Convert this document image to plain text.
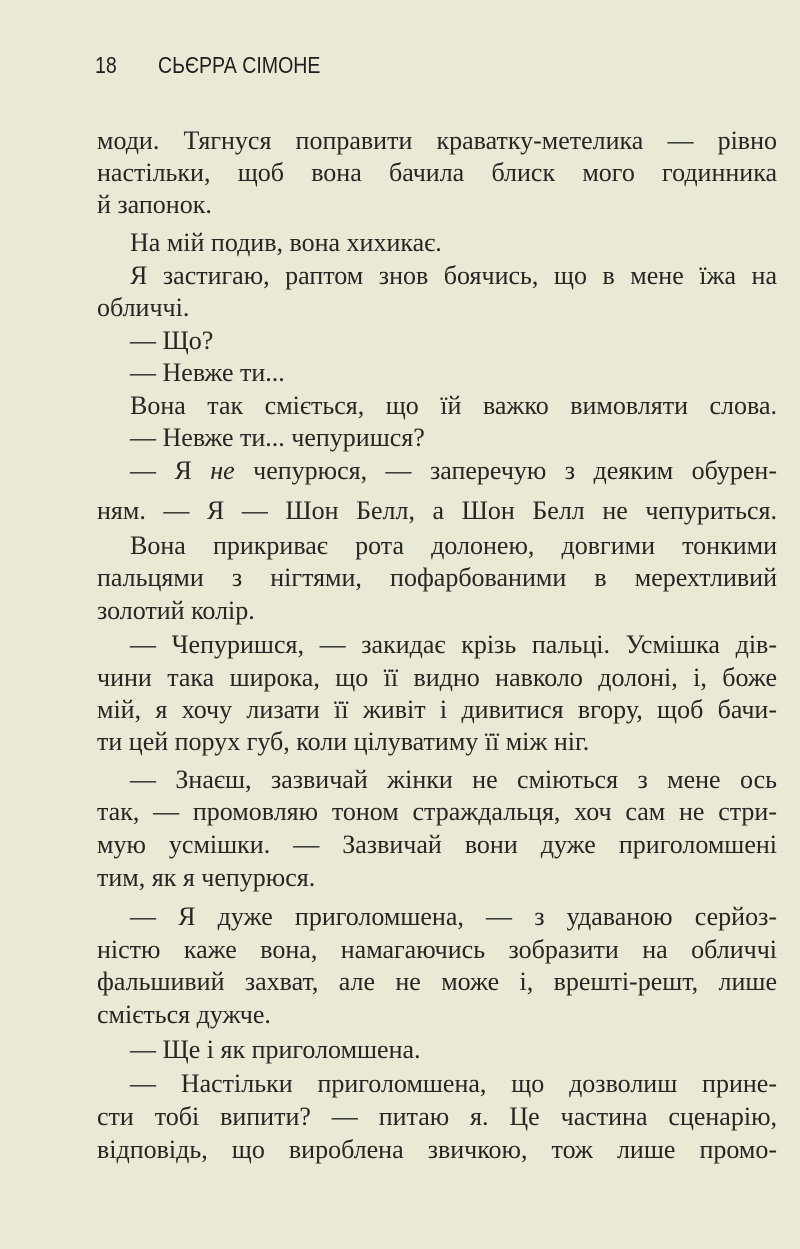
18 СЬЄРРА СІМОНЕ
моди. Тягнуся поправити краватку-метелика — рівно
настільки, щоб вона бачила блиск мого годинника
й запонок.
На мій подив, вона хихикає.
Я застигаю, раптом знов боячись, що в мене їжа на
обличчі.
— Що?
— Невже ти...
Вона так сміється, що їй важко вимовляти слова.
— Невже ти... чепуришся?
— Я не чепурюся, — заперечую з деяким обурен-
ням. — Я — Шон Белл, а Шон Белл не чепуриться.
Вона прикриває рота долонею, довгими тонкими
пальцями з нігтями, пофарбованими в мерехтливий
золотий колір.
— Чепуришся, — закидає крізь пальці. Усмішка дів-
чини така широка, що її видно навколо долоні, і, боже
мій, я хочу лизати її живіт і дивитися вгору, щоб бачи-
ти цей порух губ, коли цілуватиму її між ніг.
— Знаєш, зазвичай жінки не сміються з мене ось
так, — промовляю тоном страждальця, хоч сам не стри-
мую усмішки. — Зазвичай вони дуже приголомшені
тим, як я чепурюся.
— Я дуже приголомшена, — з удаваною серйоз-
ністю каже вона, намагаючись зобразити на обличчі
фальшивий захват, але не може і, врешті-решт, лише
сміється дужче.
— Ще і як приголомшена.
— Настільки приголомшена, що дозволиш прине-
сти тобі випити? — питаю я. Це частина сценарію,
відповідь, що вироблена звичкою, тож лише промо-
